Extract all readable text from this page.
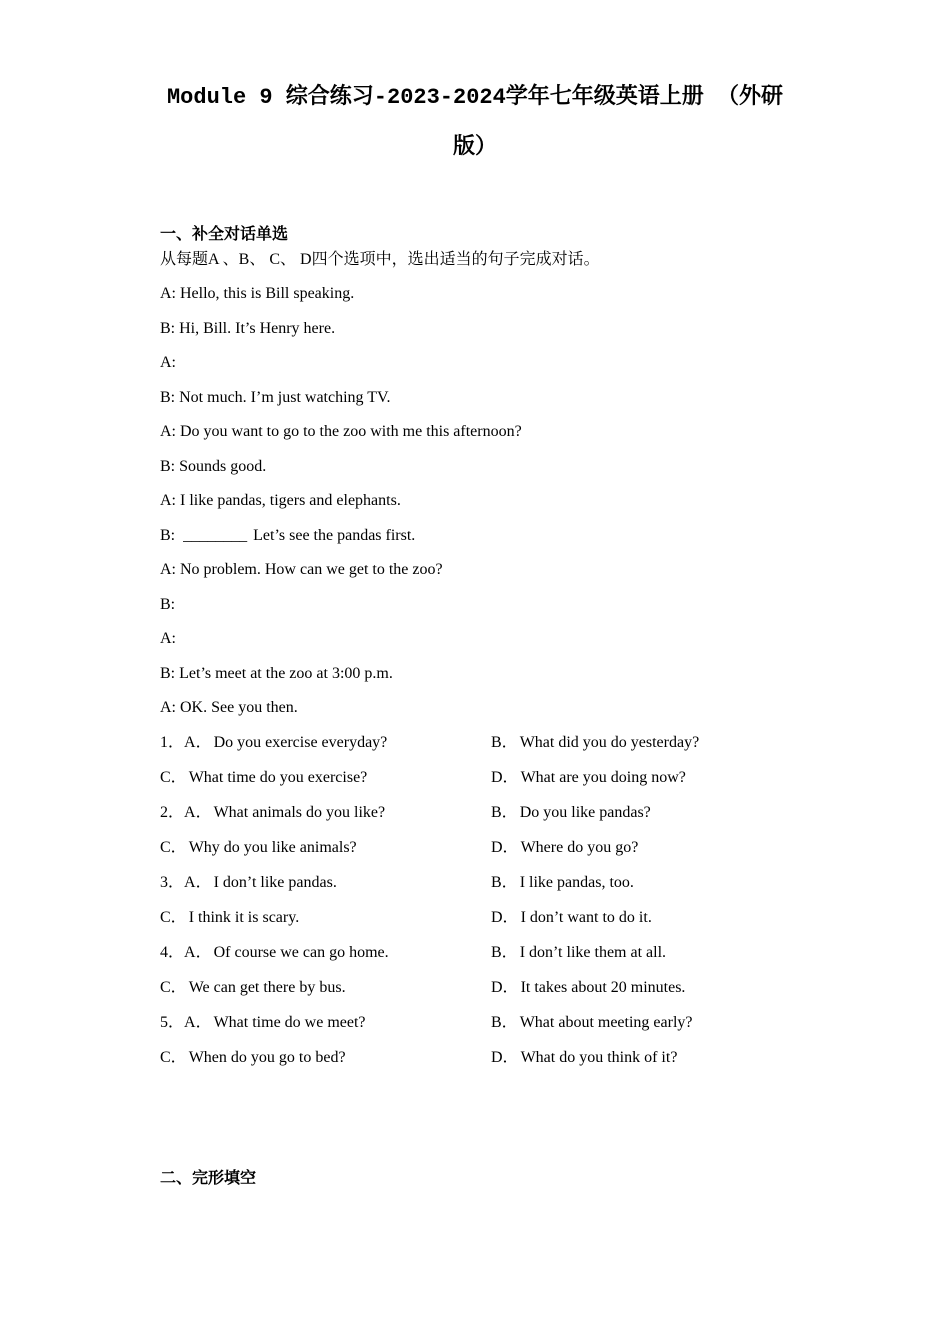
Module 9 综合练习-2023-2024学年七年级英语上册 （外研
版）
一、补全对话单选
从每题A 、B、 C、 D四个选项中，选出适当的句子完成对话。
A: Hello, this is Bill speaking.
B: Hi, Bill. It’s Henry here.
A:
B: Not much. I’m just watching TV.
A: Do you want to go to the zoo with me this afternoon?
B: Sounds good.
A: I like pandas, tigers and elephants.
B: ________ Let’s see the pandas first.
A: No problem. How can we get to the zoo?
B:
A:
B: Let’s meet at the zoo at 3:00 p.m.
A: OK. See you then.
1．A． Do you exercise everyday?	B． What did you do yesterday?
C． What time do you exercise?	D． What are you doing now?
2．A． What animals do you like?	B． Do you like pandas?
C． Why do you like animals?	D． Where do you go?
3．A． I don’t like pandas.	B． I like pandas, too.
C． I think it is scary.	D． I don’t want to do it.
4．A． Of course we can go home.	B． I don’t like them at all.
C． We can get there by bus.	D． It takes about 20 minutes.
5．A． What time do we meet?	B． What about meeting early?
C． When do you go to bed?	D． What do you think of it?
二、完形填空
